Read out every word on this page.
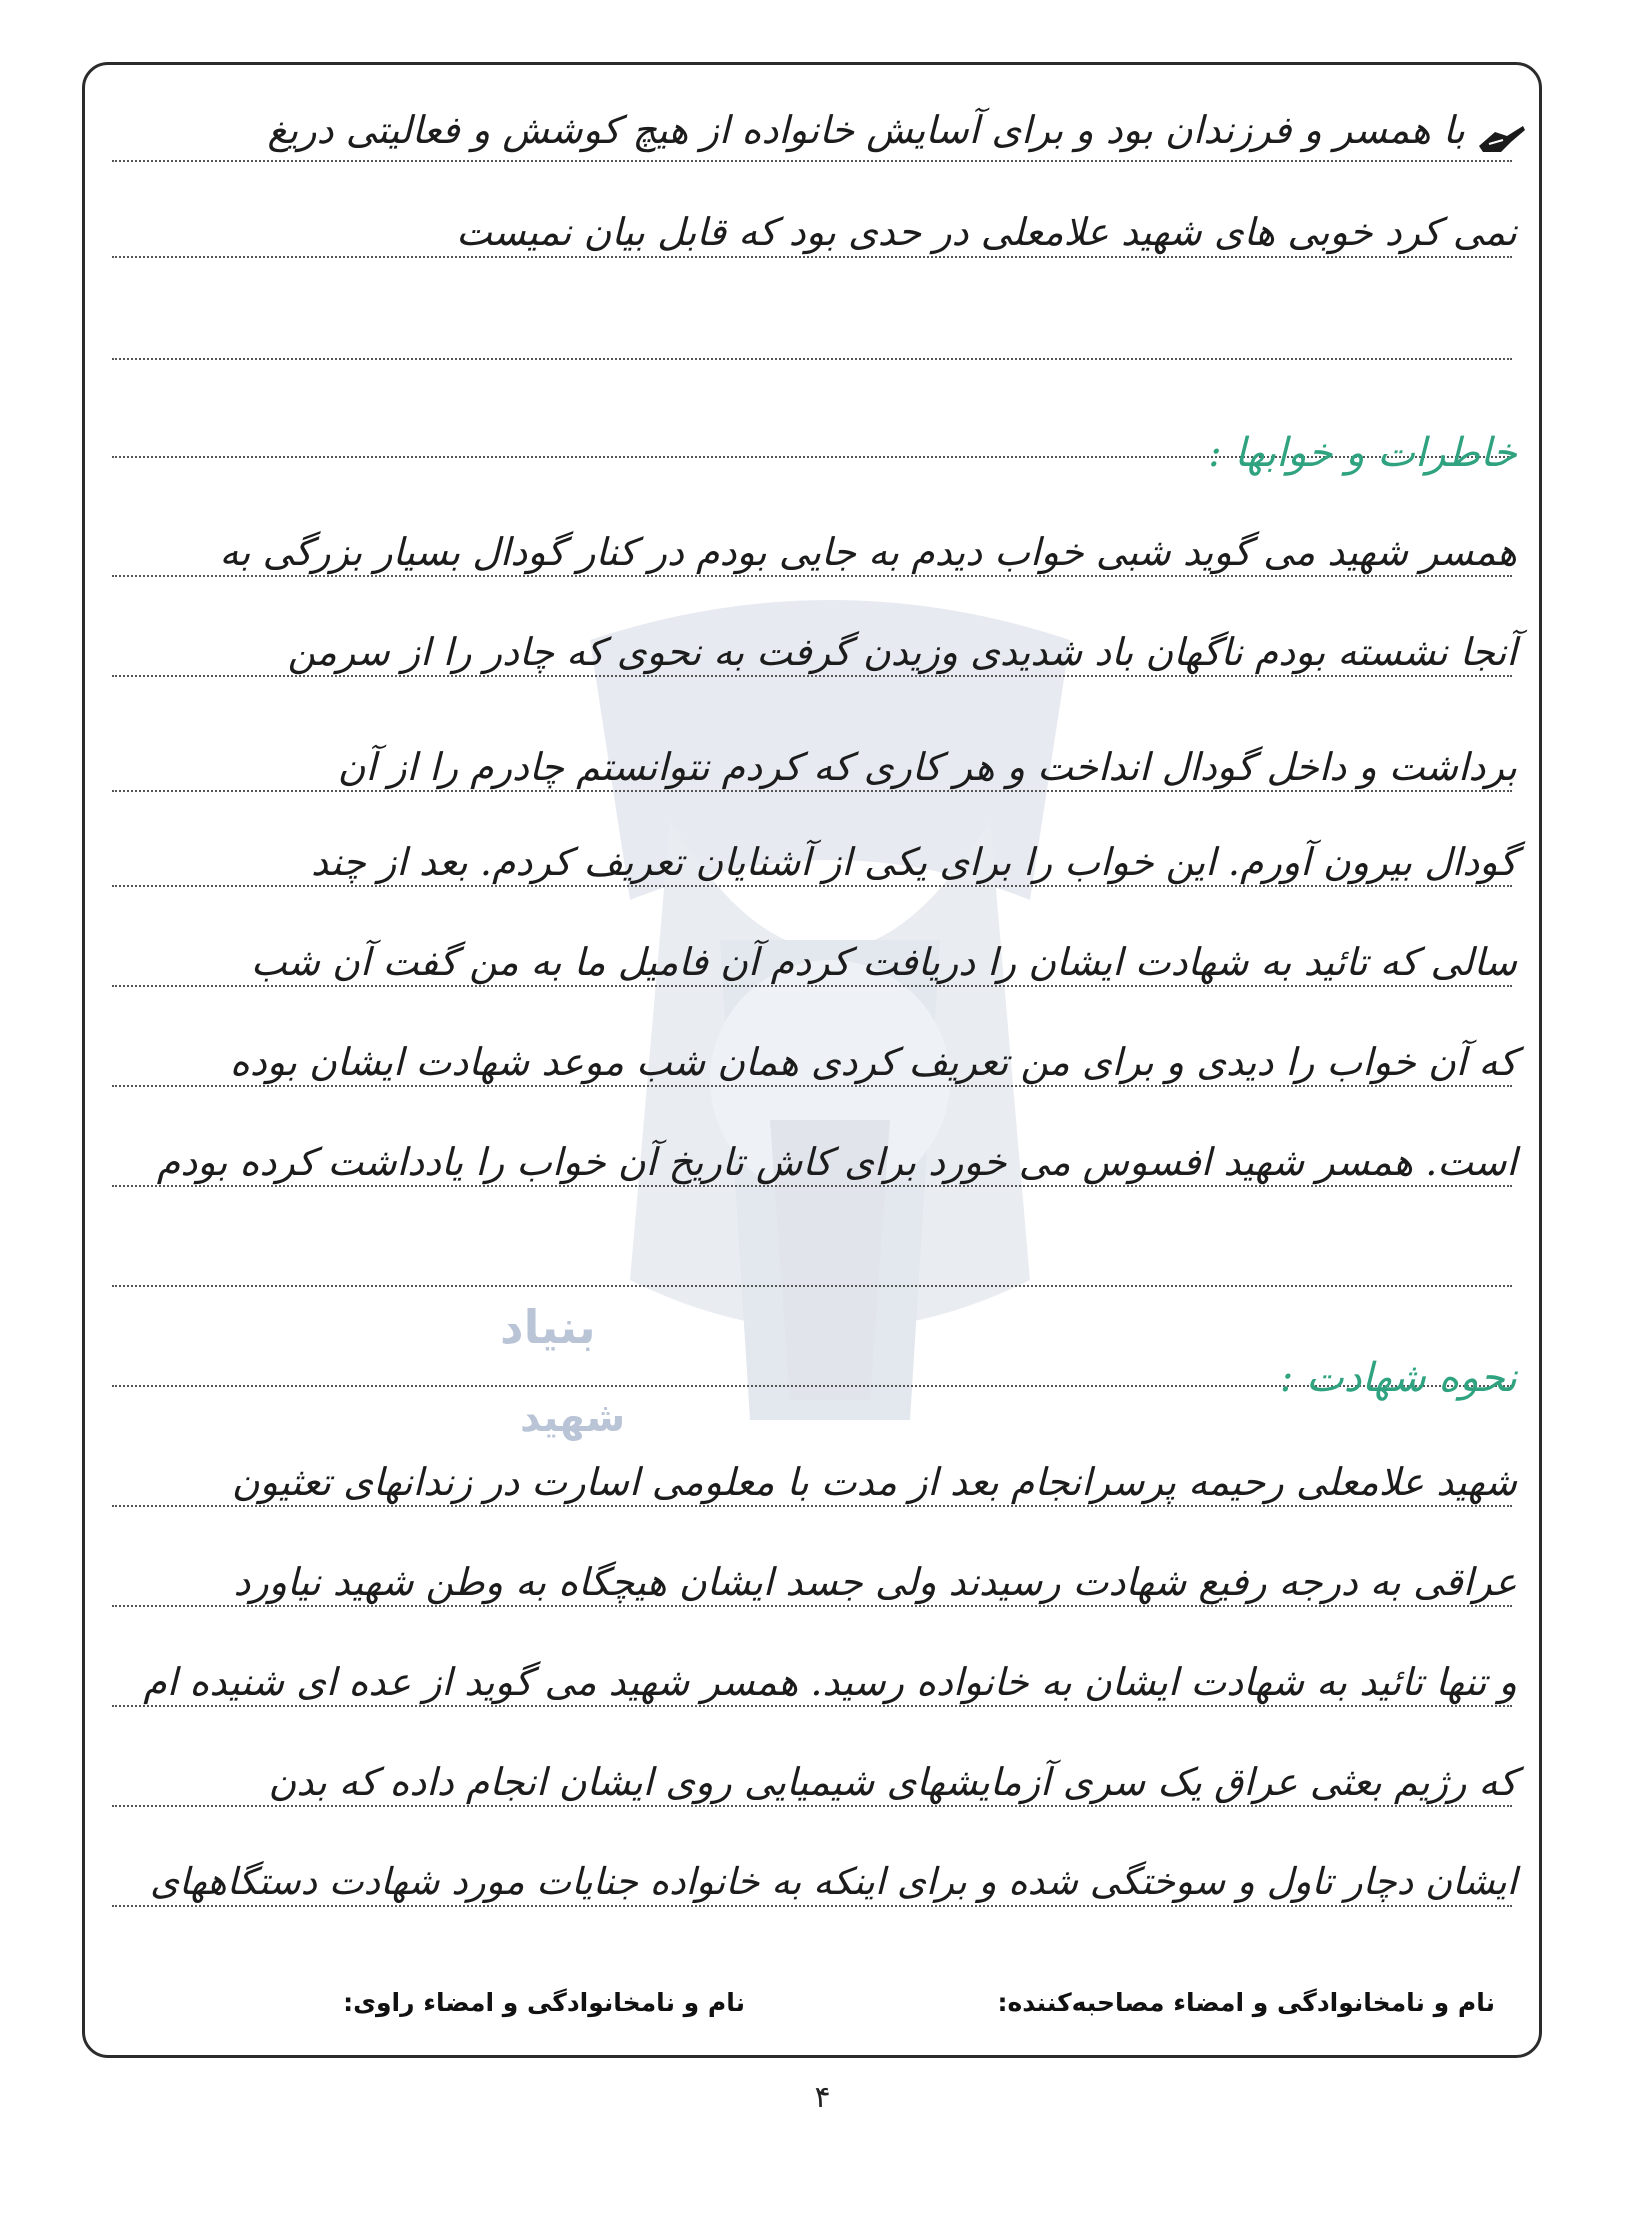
بنیاد
شهید
با همسر و فرزندان بود و برای آسایش خانواده از هیچ کوشش و فعالیتی دریغ
نمی کرد خوبی های شهید علامعلی در حدی بود که قابل بیان نمیست
خاطرات و خوابها :
همسر شهید می گوید شبی خواب دیدم به جایی بودم در کنار گودال بسیار بزرگی به
آنجا نشسته بودم ناگهان باد شدیدی وزیدن گرفت به نحوی که چادر را از سرمن
برداشت و داخل گودال انداخت و هر کاری که کردم نتوانستم چادرم را از آن
گودال بیرون آورم. این خواب را برای یکی از آشنایان تعریف کردم. بعد از چند
سالی که تائید به شهادت ایشان را دریافت کردم آن فامیل ما به من گفت آن شب
که آن خواب را دیدی و برای من تعریف کردی همان شب موعد شهادت ایشان بوده
است. همسر شهید افسوس می خورد برای کاش تاریخ آن خواب را یادداشت کرده بودم
نحوه شهادت :
شهید علامعلی رحیمه پرسرانجام بعد از مدت با معلومی اسارت در زندانهای تعثیون
عراقی به درجه رفیع شهادت رسیدند ولی جسد ایشان هیچگاه به وطن شهید نیاورد
و تنها تائید به شهادت ایشان به خانواده رسید. همسر شهید می گوید از عده ای شنیده ام
که رژیم بعثی عراق یک سری آزمایشهای شیمیایی روی ایشان انجام داده که بدن
ایشان دچار تاول و سوختگی شده و برای اینکه به خانواده جنایات مورد شهادت دستگاههای
نام و نامخانوادگی و امضاء مصاحبه‌کننده:
نام و نامخانوادگی و امضاء راوی:
۴
